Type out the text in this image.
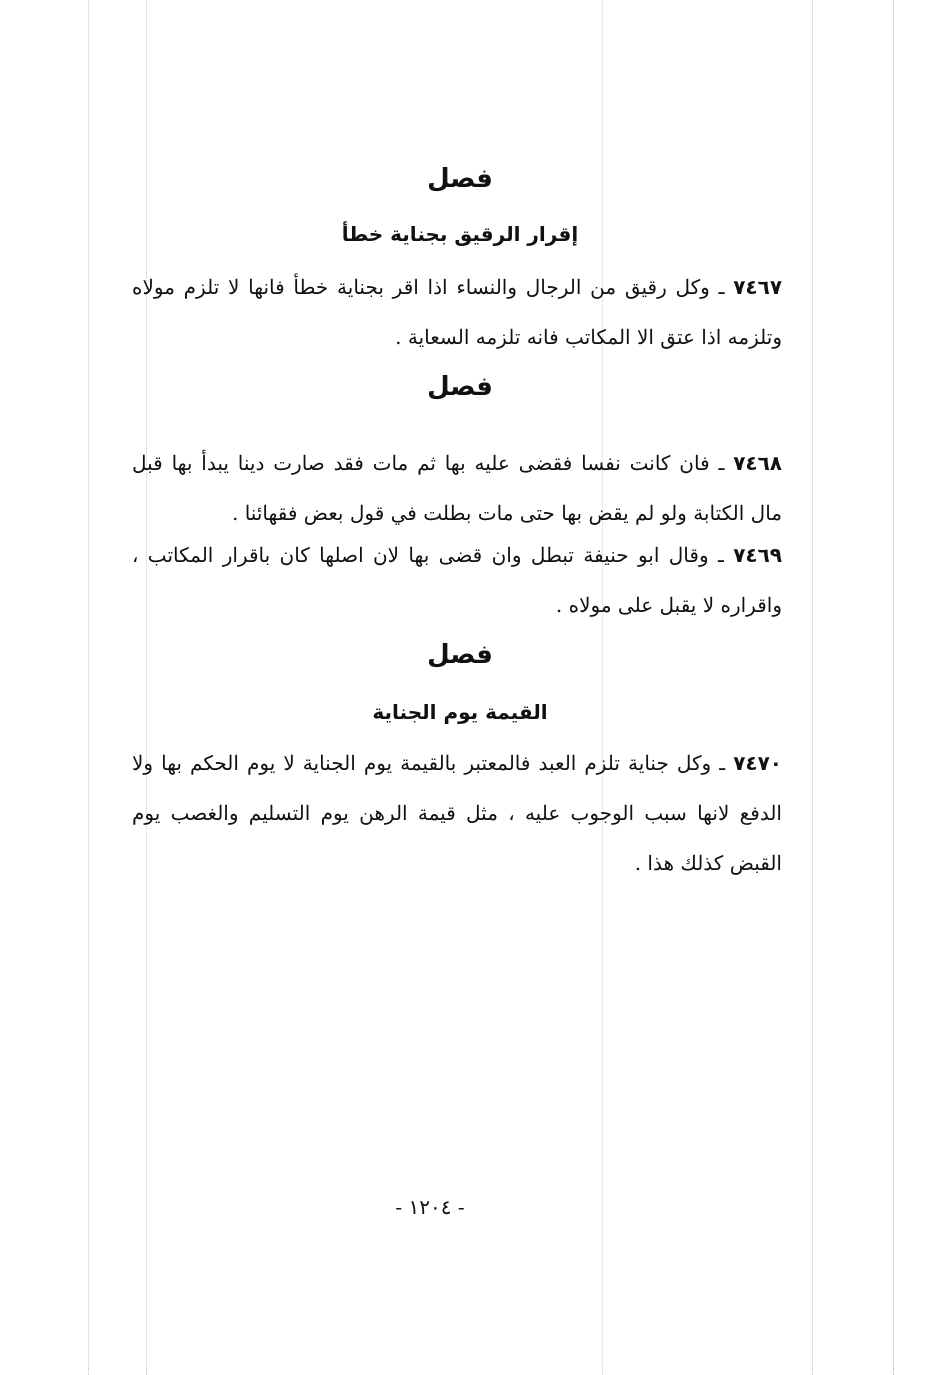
فصل
إقرار الرقيق بجناية خطأ
٧٤٦٧ ـ وكل رقيق من الرجال والنساء اذا اقر بجناية خطأ فانها لا تلزم مولاه وتلزمه اذا عتق الا المكاتب فانه تلزمه السعاية .
فصل
٧٤٦٨ ـ فان كانت نفسا فقضى عليه بها ثم مات فقد صارت دينا يبدأ بها قبل مال الكتابة ولو لم يقض بها حتى مات بطلت في قول بعض فقهائنا .
٧٤٦٩ ـ وقال ابو حنيفة تبطل وان قضى بها لان اصلها كان باقرار المكاتب ، واقراره لا يقبل على مولاه .
فصل
القيمة يوم الجناية
٧٤٧٠ ـ وكل جناية تلزم العبد فالمعتبر بالقيمة يوم الجناية لا يوم الحكم بها ولا الدفع لانها سبب الوجوب عليه ، مثل قيمة الرهن يوم التسليم والغصب يوم القبض كذلك هذا .
- ١٢٠٤ -
